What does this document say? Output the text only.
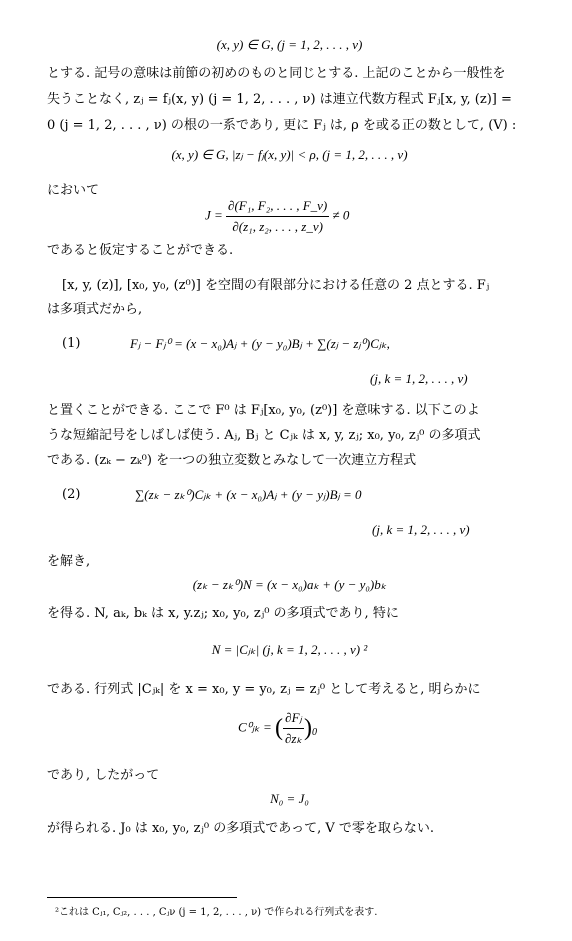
(x, y) ∈ G, (j = 1, 2, . . . , ν)
とする. 記号の意味は前節の初めのものと同じとする. 上記のことから一般性を
失うことなく, zⱼ = fⱼ(x, y) (j = 1, 2, . . . , ν) は連立代数方程式 Fⱼ[x, y, (z)] =
0 (j = 1, 2, . . . , ν) の根の一系であり, 更に Fⱼ は, ρ を或る正の数として, (V) :
(x, y) ∈ G, |zⱼ − fⱼ(x, y)| < ρ, (j = 1, 2, . . . , ν)
において
$J = \frac{\text{∂(F₁, F₂, . . . , F\_ν)}}{\text{∂(z₁, z₂, . . . , z\_ν)}} \ne 0$
であると仮定することができる.
[x, y, (z)], [x₀, y₀, (z⁰)] を空間の有限部分における任意の 2 点とする. Fⱼ
は多項式だから,
(1)	Fⱼ − Fⱼ⁰ = (x − x₀)Aⱼ + (y − y₀)Bⱼ + ∑(zⱼ − zⱼ⁰)Cⱼₖ,
(j, k = 1, 2, . . . , ν)
と置くことができる. ここで F⁰ は Fⱼ[x₀, y₀, (z⁰)] を意味する. 以下このよ
うな短縮記号をしばしば使う. Aⱼ, Bⱼ と Cⱼₖ は x, y, zⱼ; x₀, y₀, zⱼ⁰ の多項式
である. (zₖ − zₖ⁰) を一つの独立変数とみなして一次連立方程式
(2)	∑(zₖ − zₖ⁰)Cⱼₖ + (x − x₀)Aⱼ + (y − yⱼ)Bⱼ = 0
(j, k = 1, 2, . . . , ν)
を解き,
(zₖ − zₖ⁰)N = (x − x₀)aₖ + (y − y₀)bₖ
を得る. N, aₖ, bₖ は x, y.zⱼ; x₀, y₀, zⱼ⁰ の多項式であり, 特に
N = |Cⱼₖ| (j, k = 1, 2, . . . , ν) ²
である. 行列式 |Cⱼₖ| を x = x₀, y = y₀, zⱼ = zⱼ⁰ として考えると, 明らかに
C⁰ⱼₖ = ( $\frac{\text{∂Fⱼ}}{\text{∂zₖ}} )_0$
であり, したがって
N₀ = J₀
が得られる. J₀ は x₀, y₀, zⱼ⁰ の多項式であって, V で零を取らない.
²これは Cⱼ₁, Cⱼ₂, . . . , Cⱼν (j = 1, 2, . . . , ν) で作られる行列式を表す.
